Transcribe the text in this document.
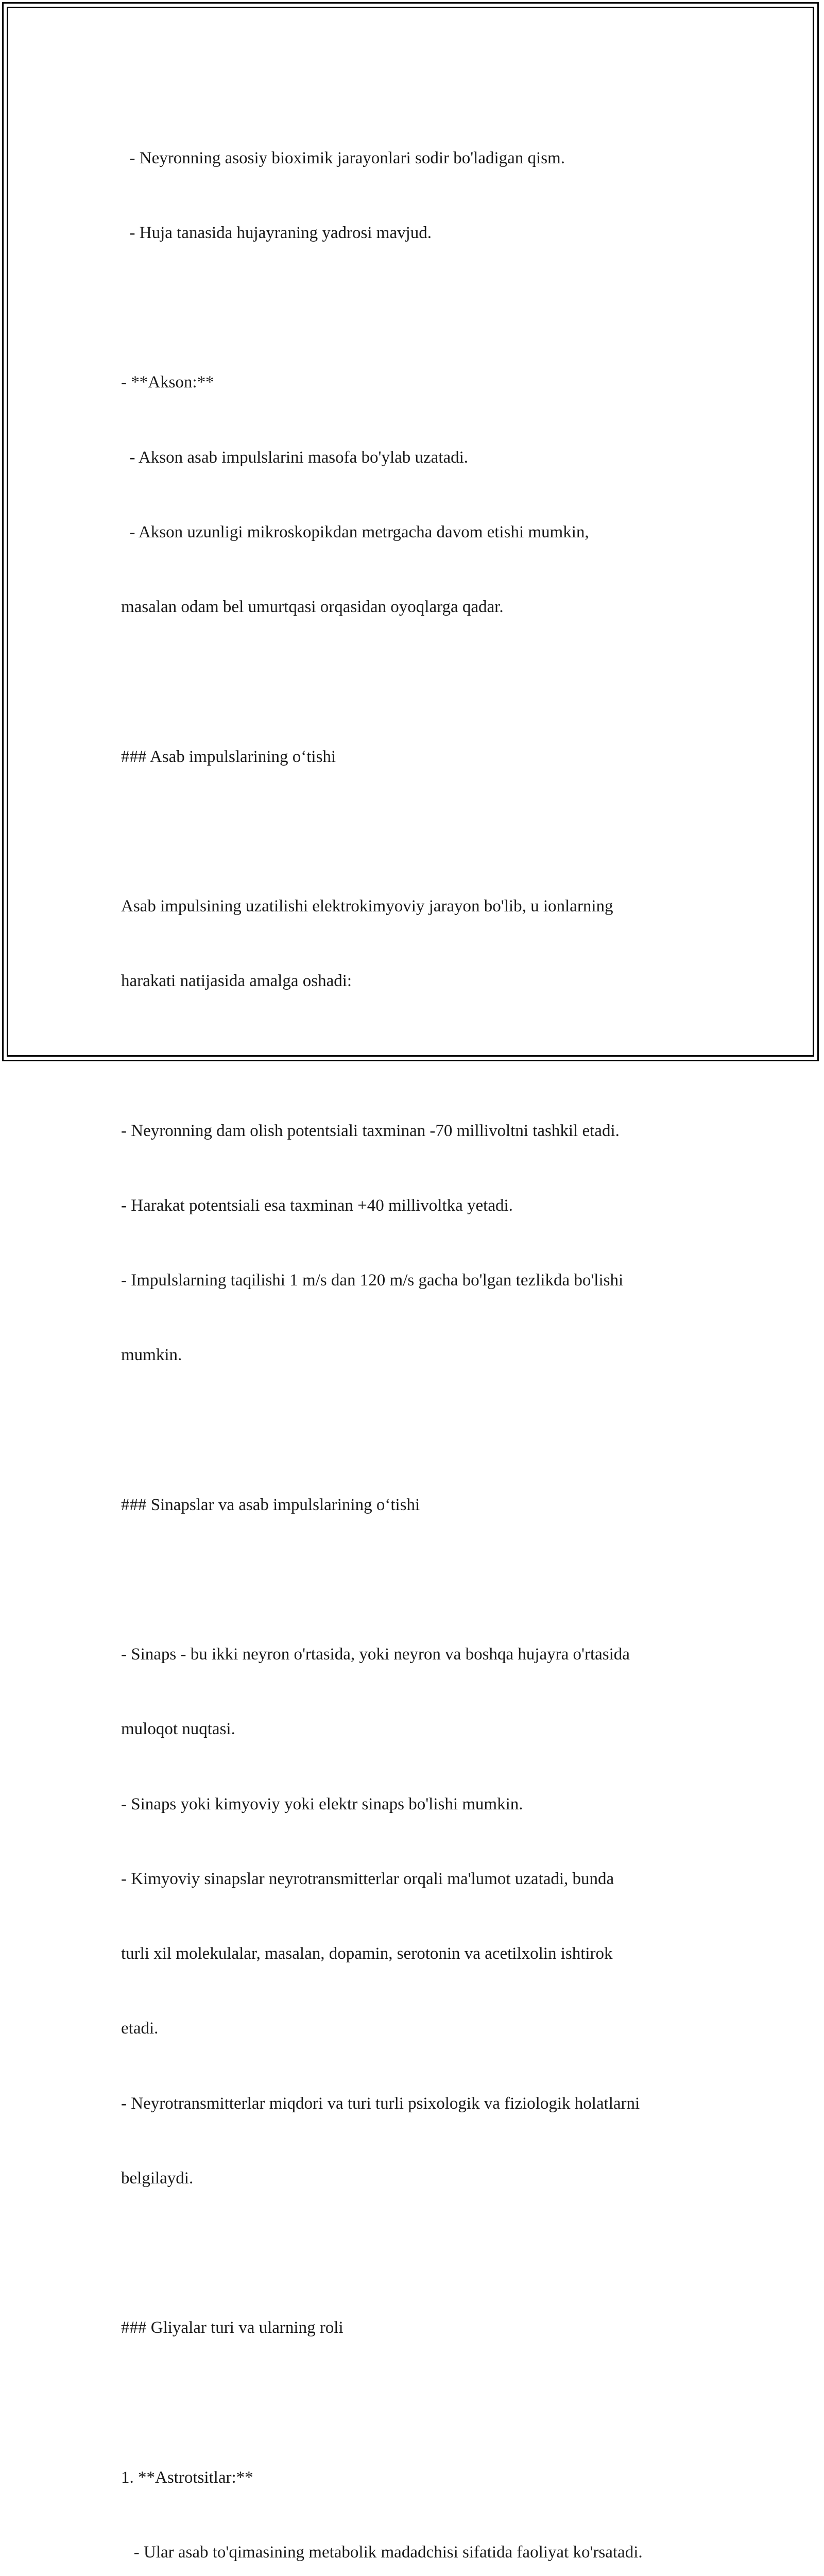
- Neyronning asosiy bioximik jarayonlari sodir bo'ladigan qism.

- Huja tanasida hujayraning yadrosi mavjud.

- **Akson:**

- Akson asab impulslarini masofa bo'ylab uzatadi.

- Akson uzunligi mikroskopikdan metrgacha davom etishi mumkin,

masalan odam bel umurtqasi orqasidan oyoqlarga qadar.

### Asab impulslarining o‘tishi

Asab impulsining uzatilishi elektrokimyoviy jarayon bo'lib, u ionlarning

harakati natijasida amalga oshadi:

- Neyronning dam olish potentsiali taxminan -70 millivoltni tashkil etadi.

- Harakat potentsiali esa taxminan +40 millivoltka yetadi.

- Impulslarning taqilishi 1 m/s dan 120 m/s gacha bo'lgan tezlikda bo'lishi

mumkin.

### Sinapslar va asab impulslarining o‘tishi

- Sinaps - bu ikki neyron o'rtasida, yoki neyron va boshqa hujayra o'rtasida

muloqot nuqtasi.

- Sinaps yoki kimyoviy yoki elektr sinaps bo'lishi mumkin.

- Kimyoviy sinapslar neyrotransmitterlar orqali ma'lumot uzatadi, bunda

turli xil molekulalar, masalan, dopamin, serotonin va acetilxolin ishtirok

etadi.

- Neyrotransmitterlar miqdori va turi turli psixologik va fiziologik holatlarni

belgilaydi.

### Gliyalar turi va ularning roli

1. **Astrotsitlar:**

- Ular asab to'qimasining metabolik madadchisi sifatida faoliyat ko'rsatadi.
